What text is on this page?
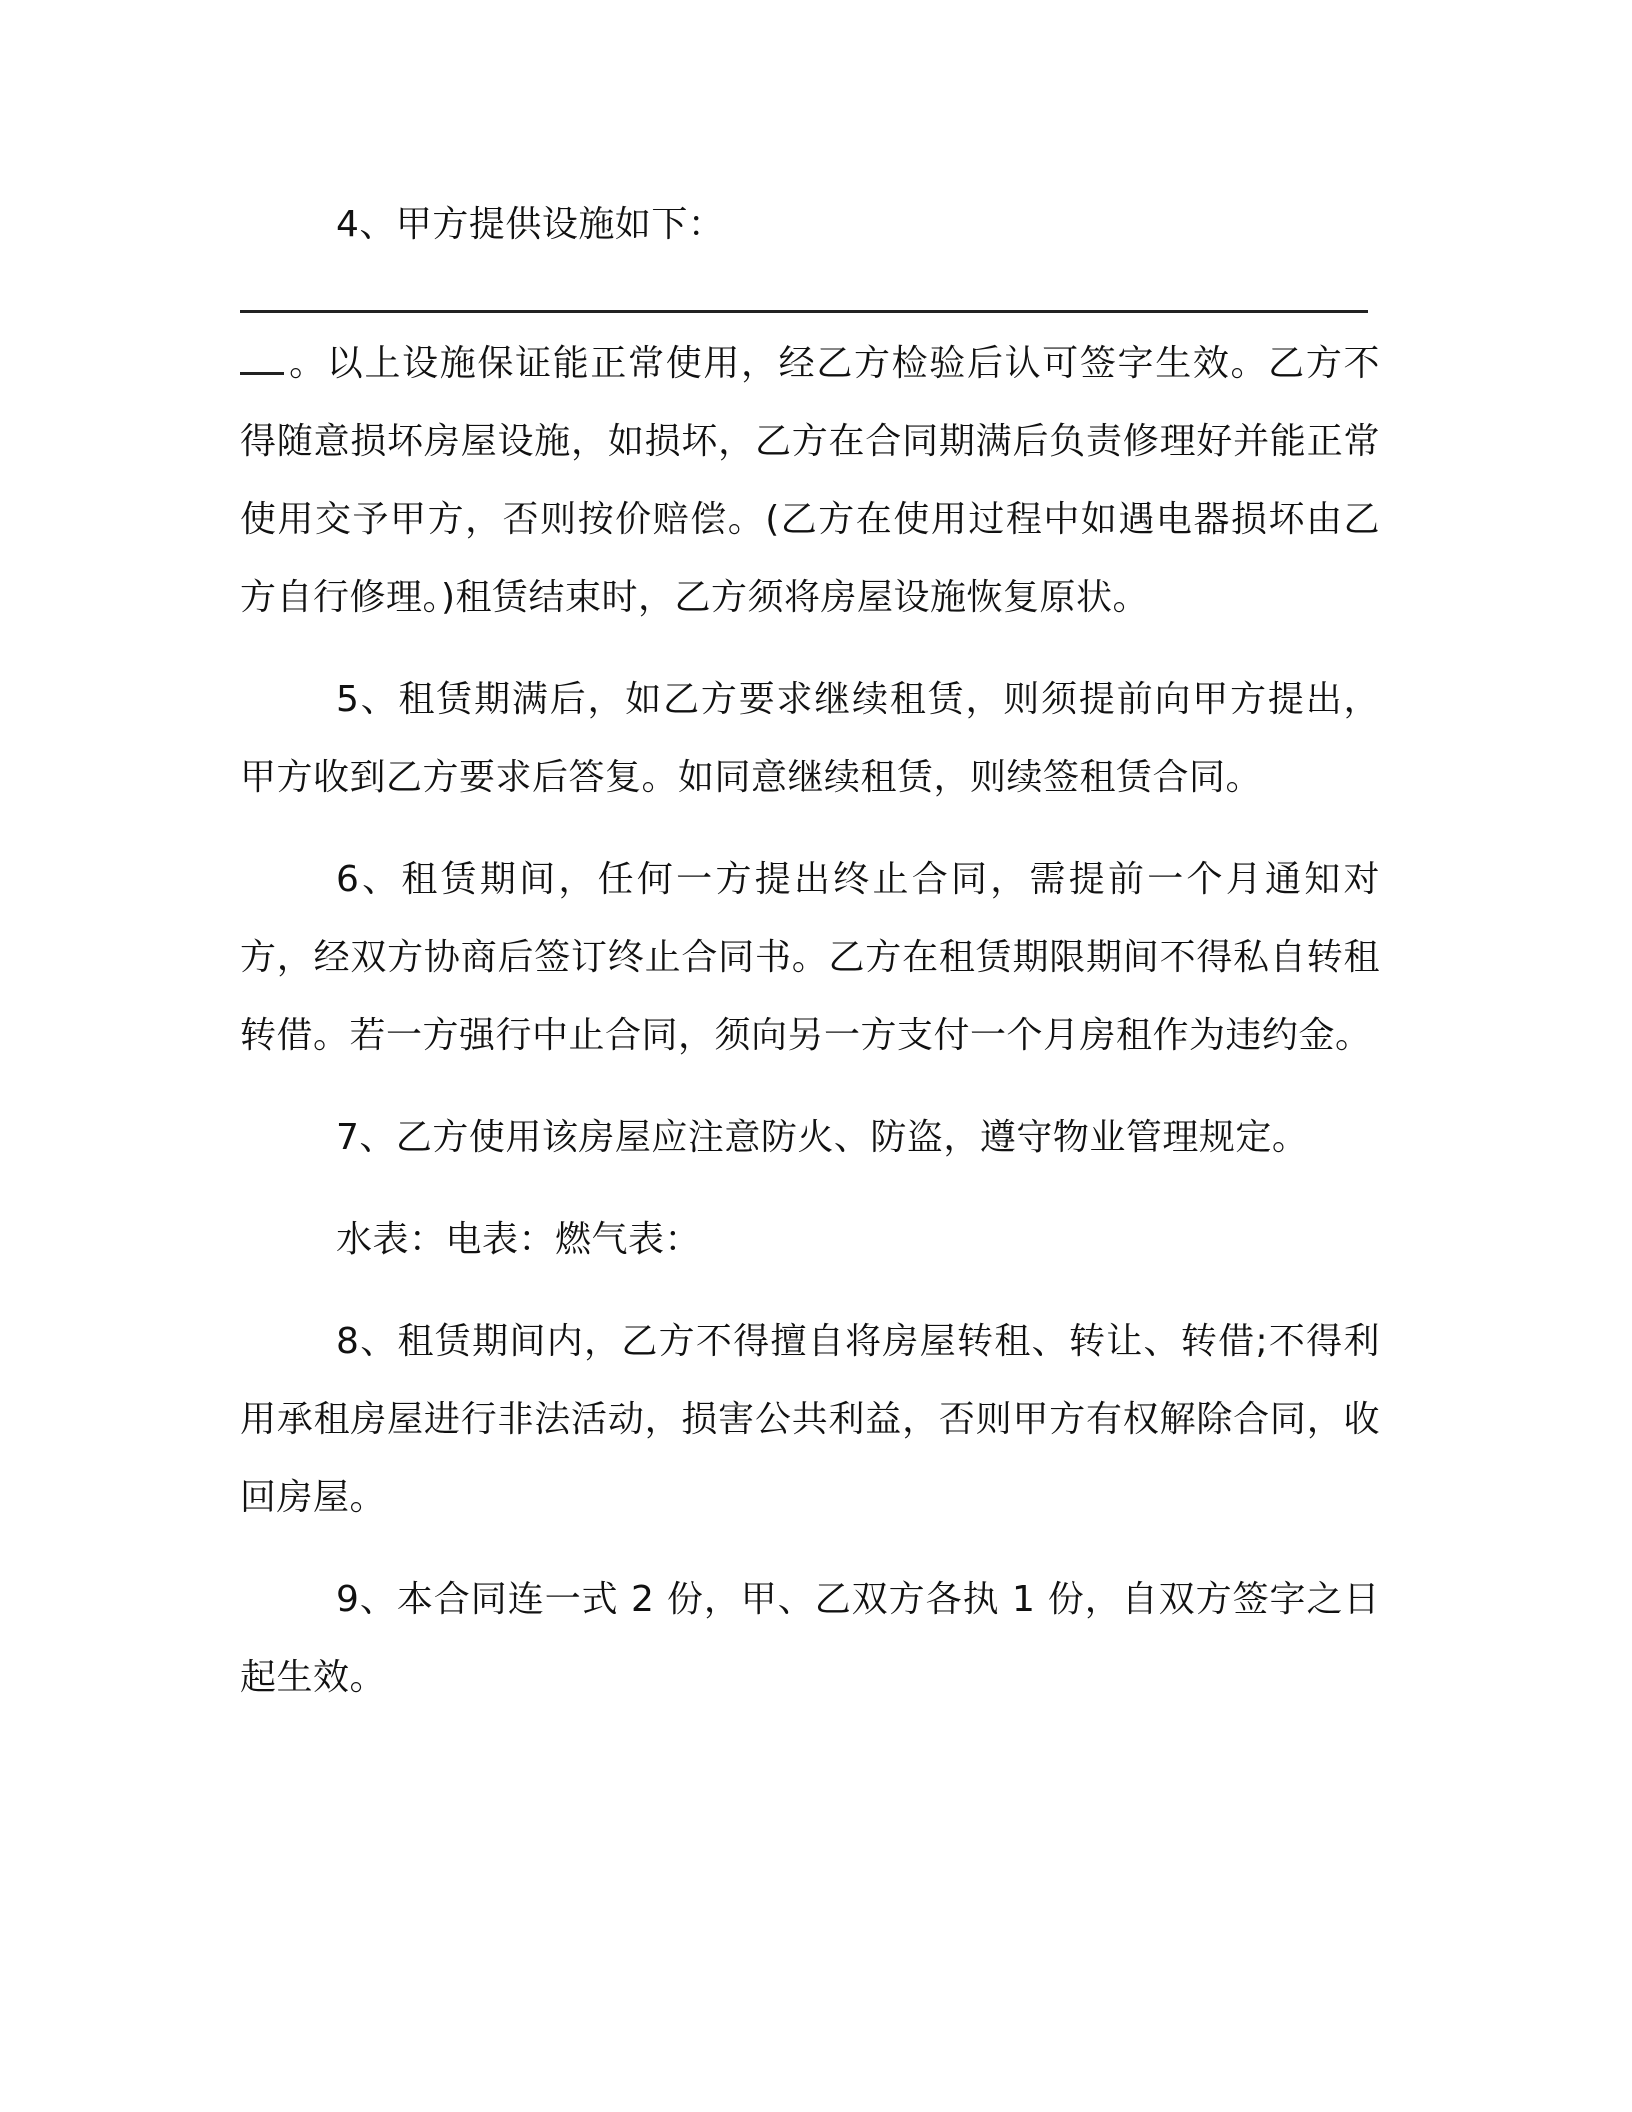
4、甲方提供设施如下：

。以上设施保证能正常使用，经乙方检验后认可签字生效。乙方不得随意损坏房屋设施，如损坏，乙方在合同期满后负责修理好并能正常使用交予甲方，否则按价赔偿。(乙方在使用过程中如遇电器损坏由乙方自行修理。)租赁结束时，乙方须将房屋设施恢复原状。

5、租赁期满后，如乙方要求继续租赁，则须提前向甲方提出，甲方收到乙方要求后答复。如同意继续租赁，则续签租赁合同。

6、租赁期间，任何一方提出终止合同，需提前一个月通知对方，经双方协商后签订终止合同书。乙方在租赁期限期间不得私自转租转借。若一方强行中止合同，须向另一方支付一个月房租作为违约金。

7、乙方使用该房屋应注意防火、防盗，遵守物业管理规定。

水表：电表：燃气表：

8、租赁期间内，乙方不得擅自将房屋转租、转让、转借;不得利用承租房屋进行非法活动，损害公共利益，否则甲方有权解除合同，收回房屋。

9、本合同连一式 2 份，甲、乙双方各执 1 份，自双方签字之日起生效。
